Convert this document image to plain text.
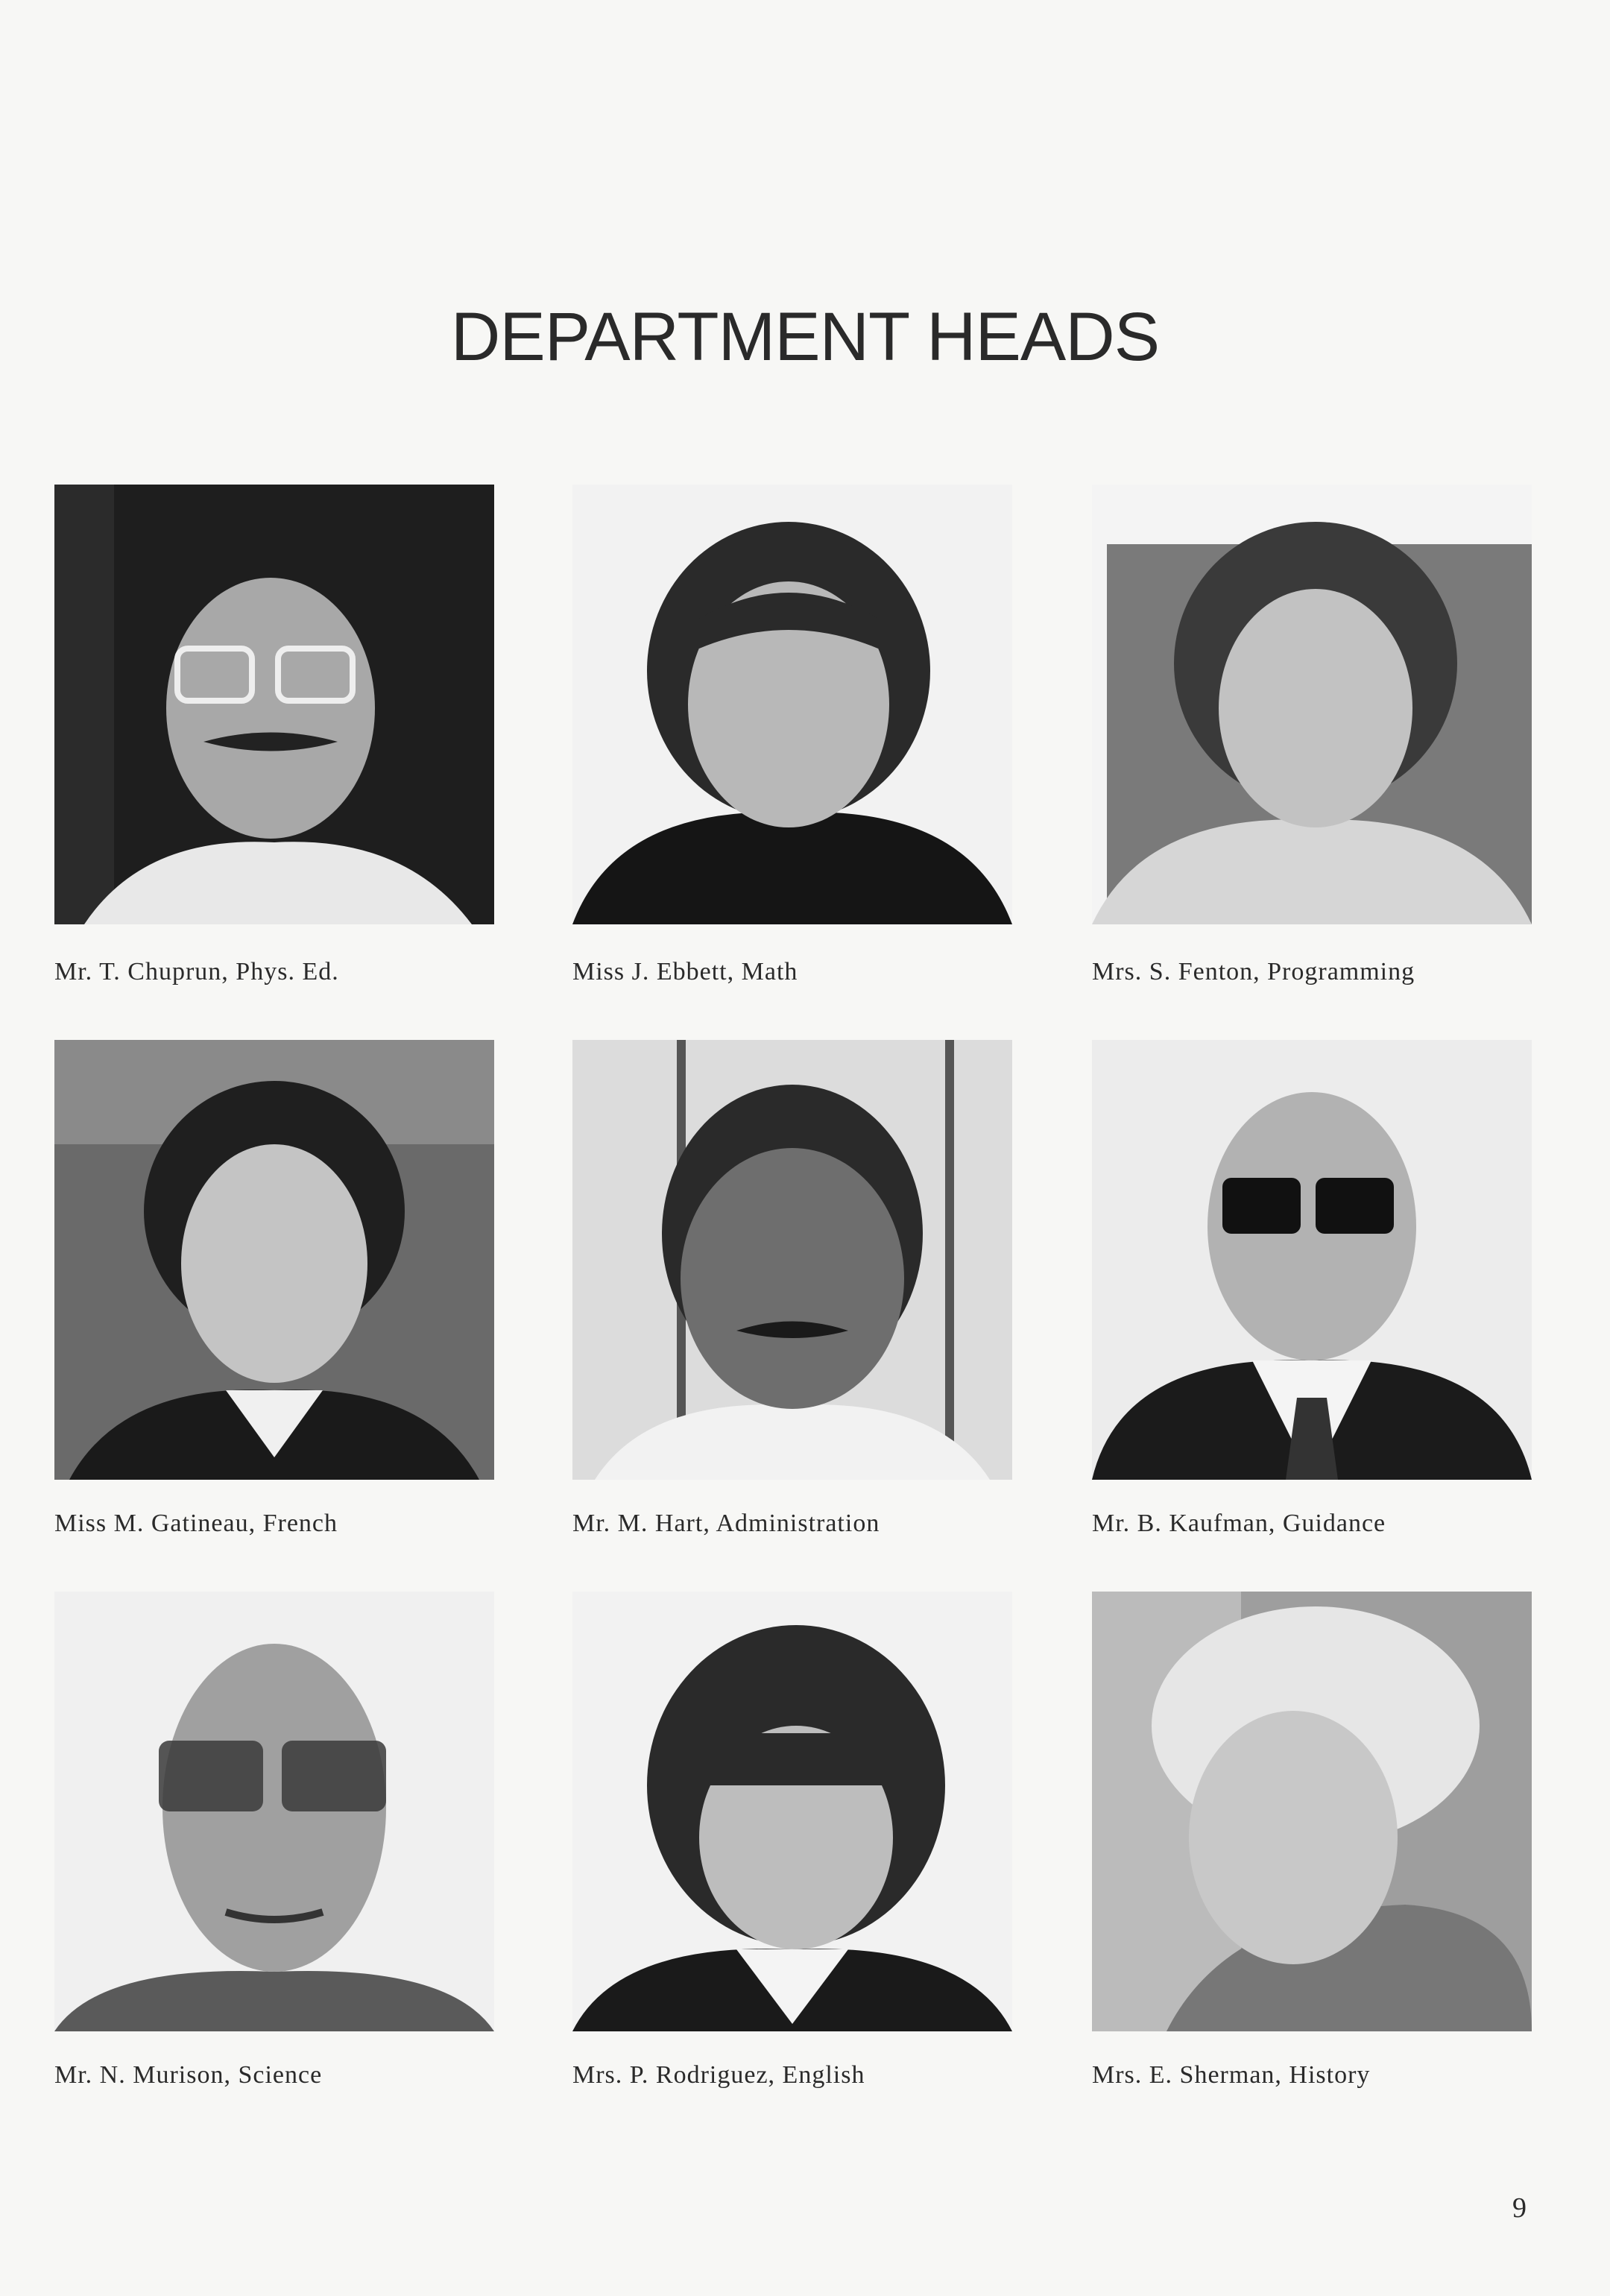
DEPARTMENT HEADS
Mr. T. Chuprun, Phys. Ed.	Miss J. Ebbett, Math	Mrs. S. Fenton, Programming
Miss M. Gatineau, French	Mr. M. Hart, Administration	Mr. B. Kaufman, Guidance
Mr. N. Murison, Science	Mrs. P. Rodriguez, English	Mrs. E. Sherman, History
9
